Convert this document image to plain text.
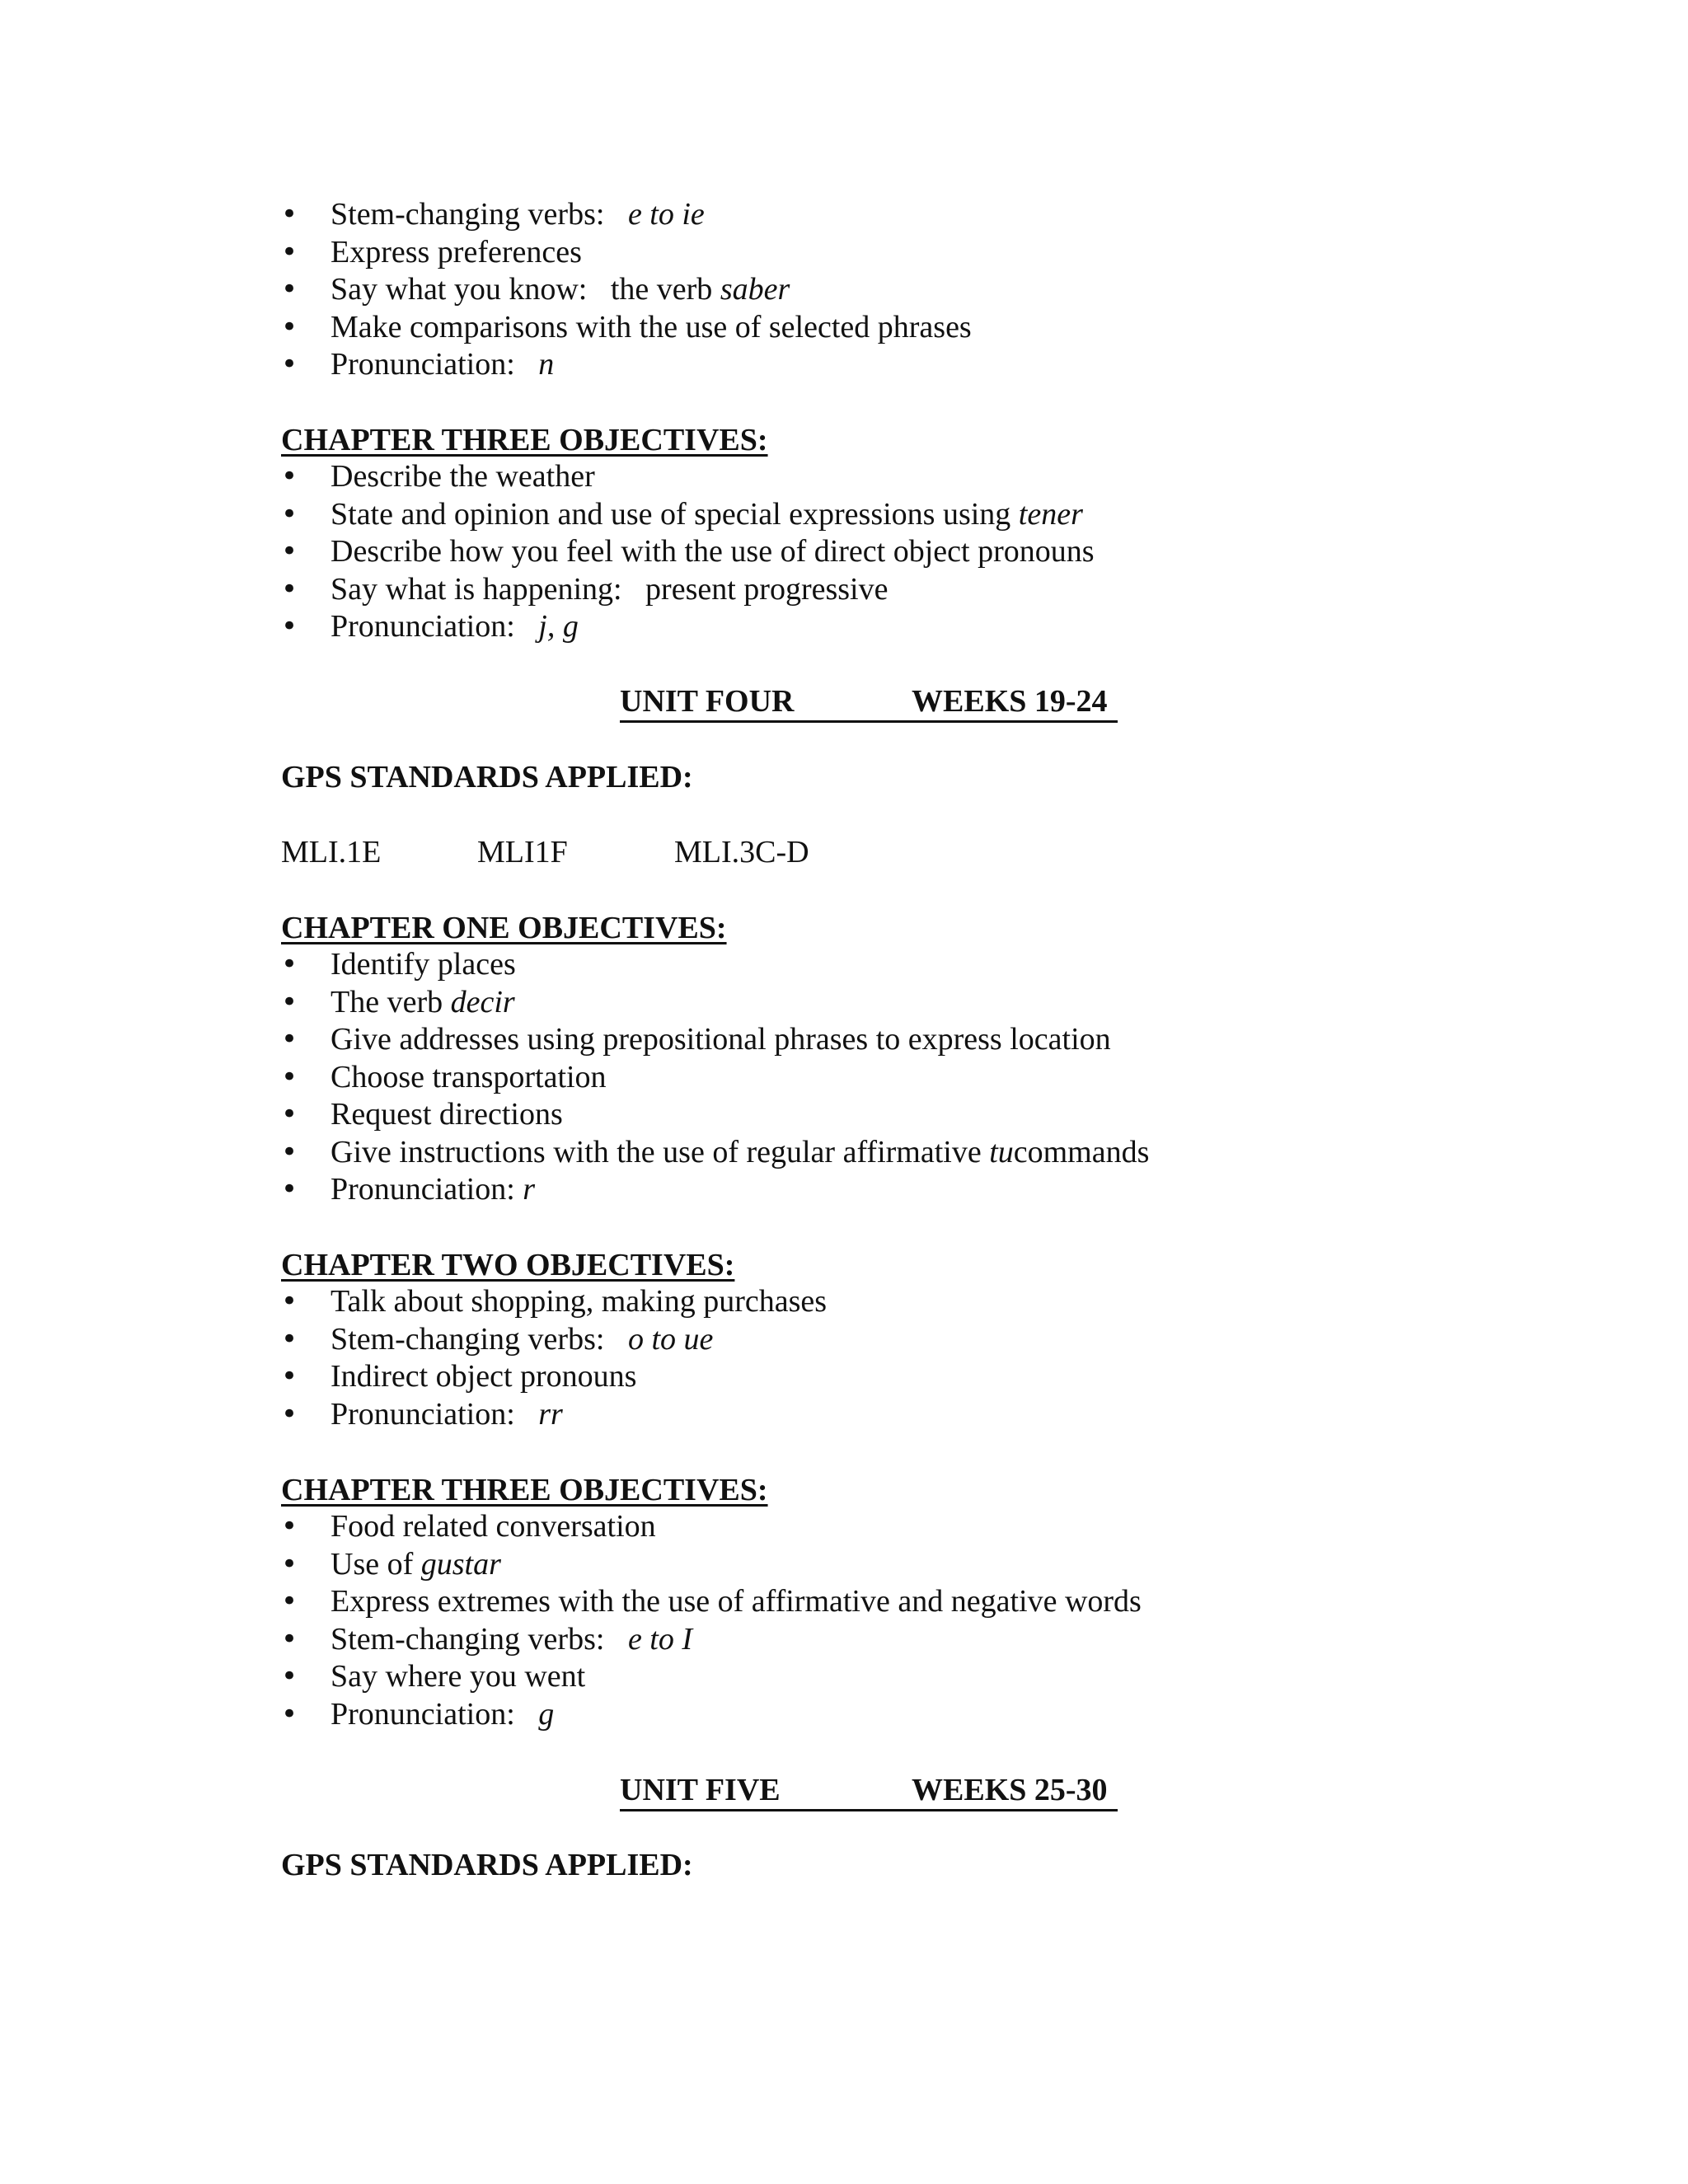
• Stem-changing verbs:   e to ie
• Express preferences
• Say what you know:   the verb saber
• Make comparisons with the use of selected phrases
• Pronunciation:   n
CHAPTER THREE OBJECTIVES:
• Describe the weather
• State and opinion and use of special expressions using tener
• Describe how you feel with the use of direct object pronouns
• Say what is happening:   present progressive
• Pronunciation:   j, g
UNIT FOUR	WEEKS 19-24
GPS STANDARDS APPLIED:
MLI.1E	MLI1F	MLI.3C-D
CHAPTER ONE OBJECTIVES:
• Identify places
• The verb decir
• Give addresses using prepositional phrases to express location
• Choose transportation
• Request directions
• Give instructions with the use of regular affirmative tucommands
• Pronunciation: r
CHAPTER TWO OBJECTIVES:
• Talk about shopping, making purchases
• Stem-changing verbs:   o to ue
• Indirect object pronouns
• Pronunciation:   rr
CHAPTER THREE OBJECTIVES:
• Food related conversation
• Use of gustar
• Express extremes with the use of affirmative and negative words
• Stem-changing verbs:   e to I
• Say where you went
• Pronunciation:   g
UNIT FIVE	WEEKS 25-30
GPS STANDARDS APPLIED:
